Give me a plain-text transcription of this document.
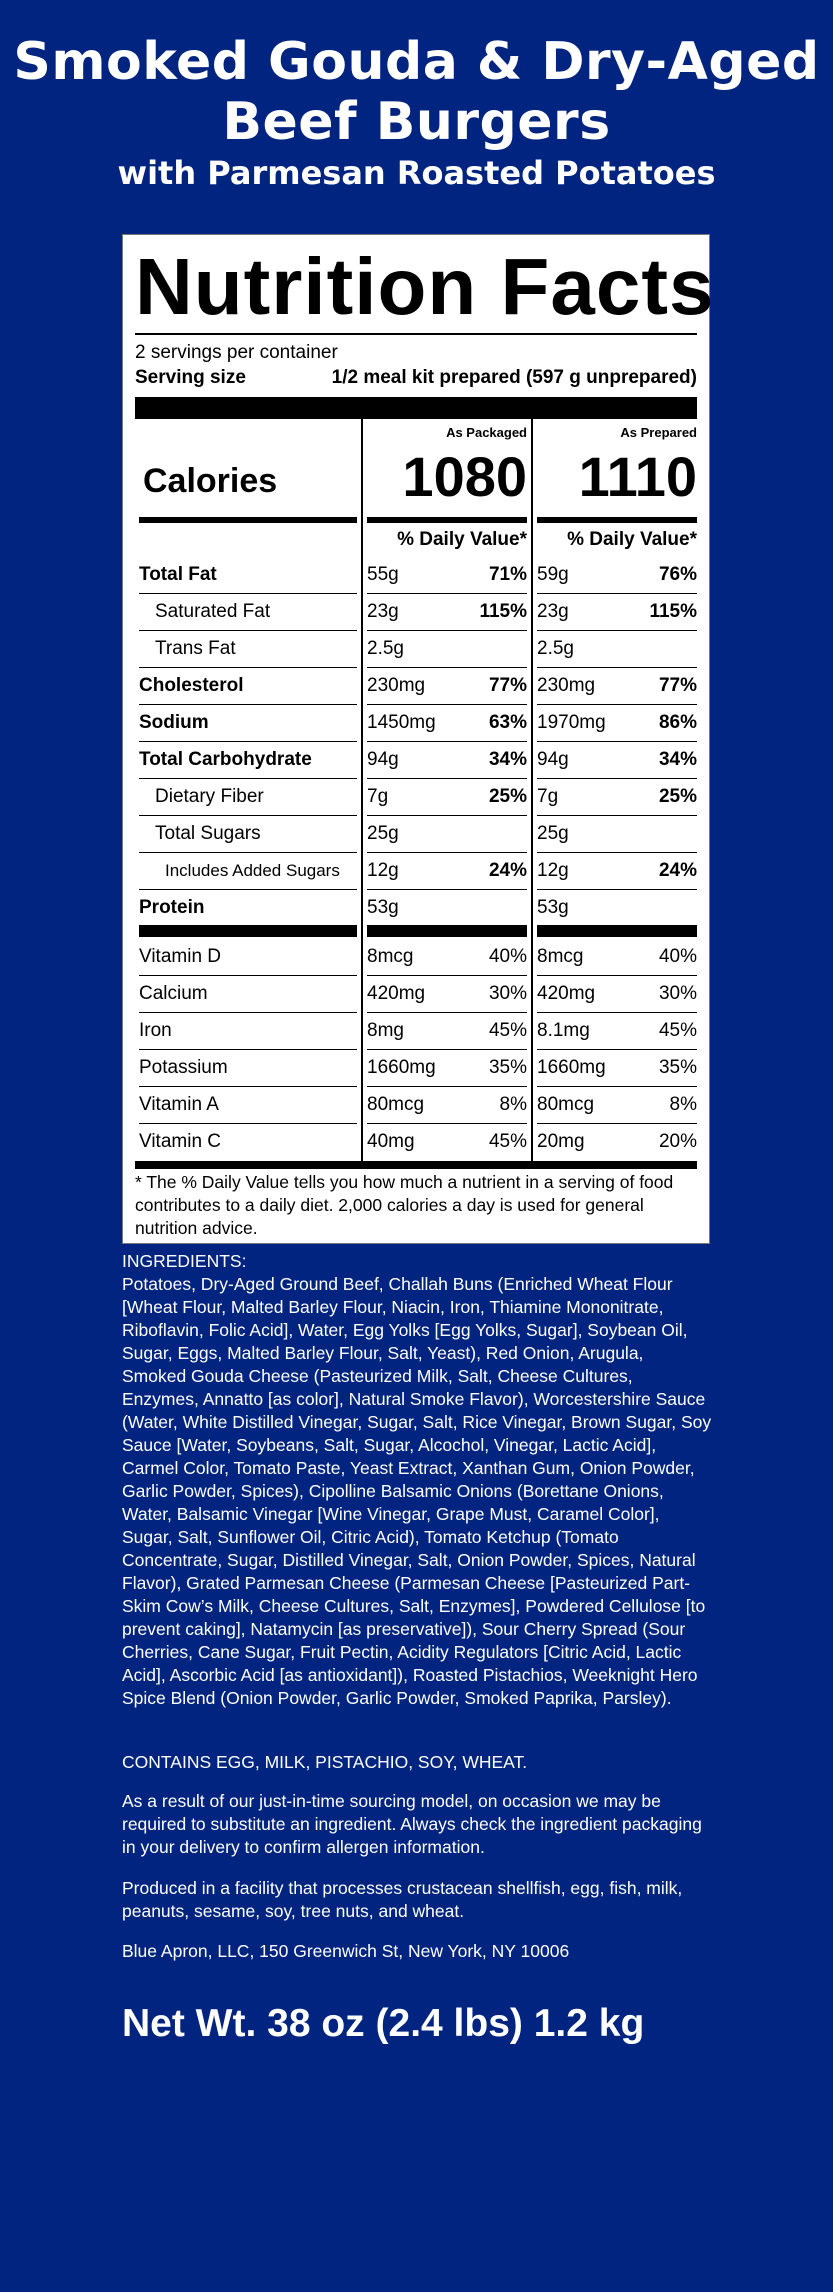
Smoked Gouda & Dry-Aged Beef Burgers
with Parmesan Roasted Potatoes
Nutrition Facts
2 servings per container
Serving size	1/2 meal kit prepared (597 g unprepared)
As Packaged	As Prepared
Calories	1080 1110
% Daily Value*	% Daily Value*
Total Fat	55g	71% 59g	76%
Saturated Fat	23g	115% 23g	115%
Trans Fat	2.5g	2.5g
Cholesterol	230mg	77% 230mg	77%
Sodium	1450mg	63% 1970mg	86%
Total Carbohydrate	94g	34% 94g	34%
Dietary Fiber	7g	25% 7g	25%
Total Sugars	25g	25g
Includes Added Sugars 12g	24% 12g	24%
Protein	53g	53g
Vitamin D	8mcg	40% 8mcg	40%
Calcium	420mg	30% 420mg	30%
Iron	8mg	45% 8.1mg	45%
Potassium	1660mg	35% 1660mg	35%
Vitamin A	80mcg	8% 80mcg	8%
Vitamin C	40mg	45% 20mg	20%
* The % Daily Value tells you how much a nutrient in a serving of food contributes to a daily diet. 2,000 calories a day is used for general nutrition advice.
INGREDIENTS:
Potatoes, Dry-Aged Ground Beef, Challah Buns (Enriched Wheat Flour [Wheat Flour, Malted Barley Flour, Niacin, Iron, Thiamine Mononitrate, Riboflavin, Folic Acid], Water, Egg Yolks [Egg Yolks, Sugar], Soybean Oil, Sugar, Eggs, Malted Barley Flour, Salt, Yeast), Red Onion, Arugula, Smoked Gouda Cheese (Pasteurized Milk, Salt, Cheese Cultures, Enzymes, Annatto [as color], Natural Smoke Flavor), Worcestershire Sauce (Water, White Distilled Vinegar, Sugar, Salt, Rice Vinegar, Brown Sugar, Soy Sauce [Water, Soybeans, Salt, Sugar, Alcochol, Vinegar, Lactic Acid], Carmel Color, Tomato Paste, Yeast Extract, Xanthan Gum, Onion Powder, Garlic Powder, Spices), Cipolline Balsamic Onions (Borettane Onions, Water, Balsamic Vinegar [Wine Vinegar, Grape Must, Caramel Color], Sugar, Salt, Sunflower Oil, Citric Acid), Tomato Ketchup (Tomato Concentrate, Sugar, Distilled Vinegar, Salt, Onion Powder, Spices, Natural Flavor), Grated Parmesan Cheese (Parmesan Cheese [Pasteurized Part-Skim Cow’s Milk, Cheese Cultures, Salt, Enzymes], Powdered Cellulose [to prevent caking], Natamycin [as preservative]), Sour Cherry Spread (Sour Cherries, Cane Sugar, Fruit Pectin, Acidity Regulators [Citric Acid, Lactic Acid], Ascorbic Acid [as antioxidant]), Roasted Pistachios, Weeknight Hero Spice Blend (Onion Powder, Garlic Powder, Smoked Paprika, Parsley).
CONTAINS EGG, MILK, PISTACHIO, SOY, WHEAT.
As a result of our just-in-time sourcing model, on occasion we may be required to substitute an ingredient. Always check the ingredient packaging in your delivery to confirm allergen information.
Produced in a facility that processes crustacean shellfish, egg, fish, milk, peanuts, sesame, soy, tree nuts, and wheat.
Blue Apron, LLC, 150 Greenwich St, New York, NY 10006
Net Wt. 38 oz (2.4 lbs) 1.2 kg
